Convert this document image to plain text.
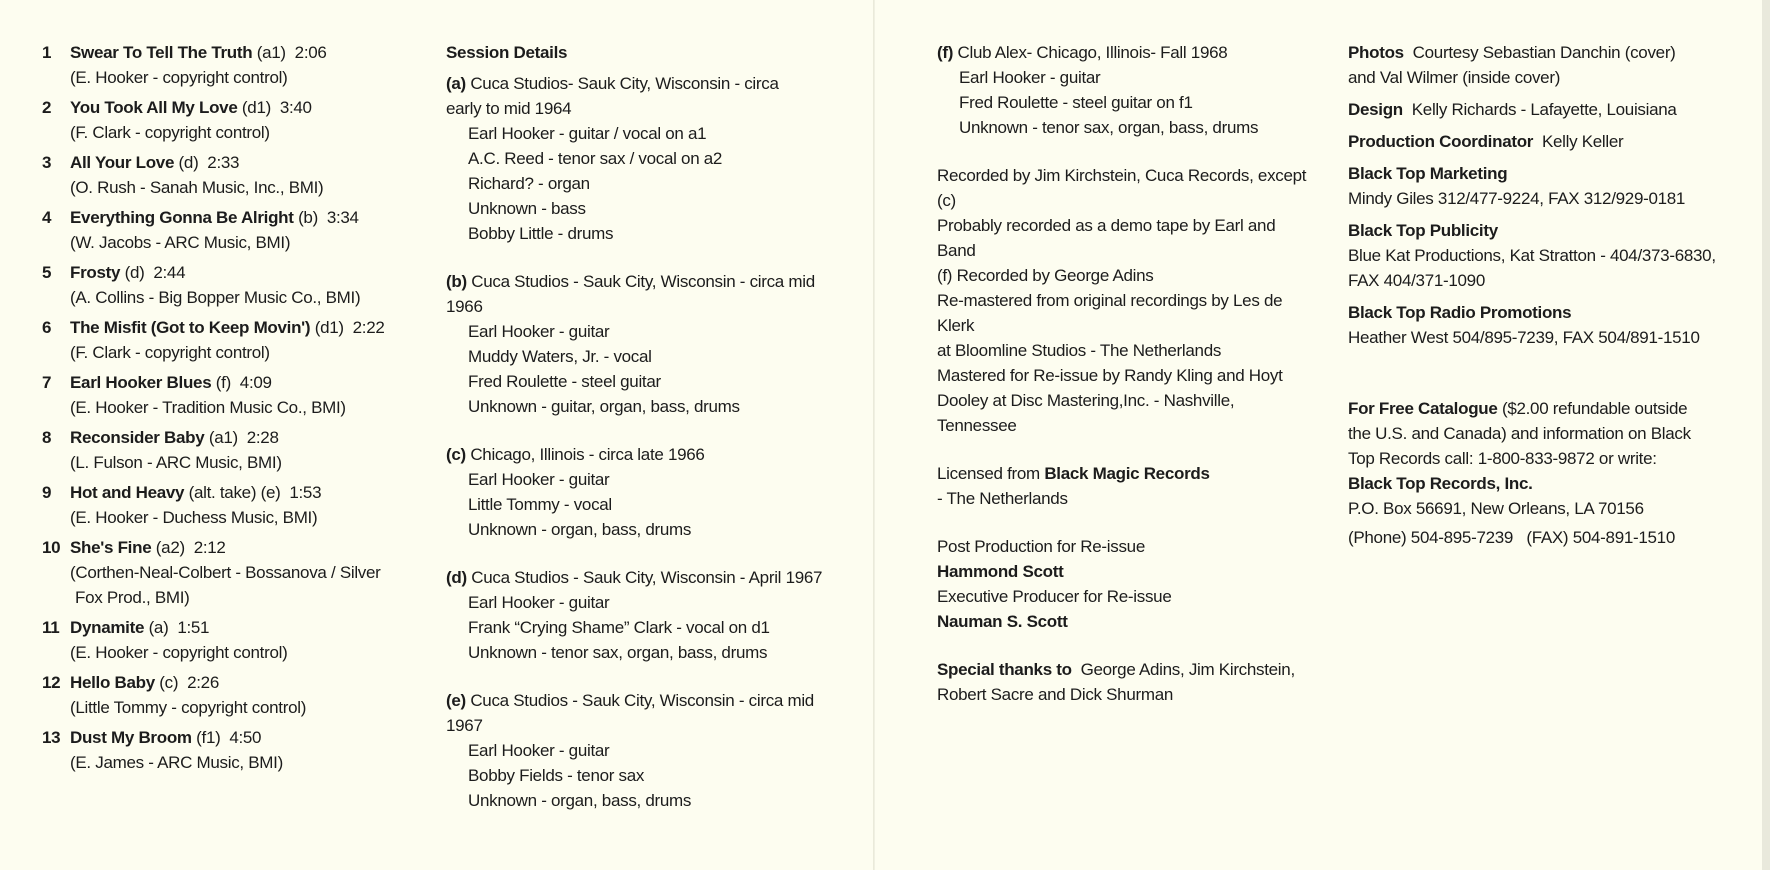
1	Swear To Tell The Truth (a1) 2:06
(E. Hooker - copyright control)
2	You Took All My Love (d1) 3:40
(F. Clark - copyright control)
3	All Your Love (d) 2:33
(O. Rush - Sanah Music, Inc., BMI)
4	Everything Gonna Be Alright (b) 3:34
(W. Jacobs - ARC Music, BMI)
5	Frosty (d) 2:44
(A. Collins - Big Bopper Music Co., BMI)
6	The Misfit (Got to Keep Movin') (d1) 2:22
(F. Clark - copyright control)
7	Earl Hooker Blues (f) 4:09
(E. Hooker - Tradition Music Co., BMI)
8	Reconsider Baby (a1) 2:28
(L. Fulson - ARC Music, BMI)
9	Hot and Heavy (alt. take) (e) 1:53
(E. Hooker - Duchess Music, BMI)
10 She's Fine (a2) 2:12
(Corthen-Neal-Colbert - Bossanova / Silver
Fox Prod., BMI)
11 Dynamite (a) 1:51
(E. Hooker - copyright control)
12 Hello Baby (c) 2:26
(Little Tommy - copyright control)
13 Dust My Broom (f1) 4:50
(E. James - ARC Music, BMI)
Session Details
(a) Cuca Studios- Sauk City, Wisconsin - circa
early to mid 1964
Earl Hooker - guitar / vocal on a1
A.C. Reed - tenor sax / vocal on a2
Richard? - organ
Unknown - bass
Bobby Little - drums
(b) Cuca Studios - Sauk City, Wisconsin - circa mid 1966
Earl Hooker - guitar
Muddy Waters, Jr. - vocal
Fred Roulette - steel guitar
Unknown - guitar, organ, bass, drums
(c) Chicago, Illinois - circa late 1966
Earl Hooker - guitar
Little Tommy - vocal
Unknown - organ, bass, drums
(d) Cuca Studios - Sauk City, Wisconsin - April 1967
Earl Hooker - guitar
Frank “Crying Shame” Clark - vocal on d1
Unknown - tenor sax, organ, bass, drums
(e) Cuca Studios - Sauk City, Wisconsin - circa mid 1967
Earl Hooker - guitar
Bobby Fields - tenor sax
Unknown - organ, bass, drums
(f) Club Alex- Chicago, Illinois- Fall 1968
Earl Hooker - guitar
Fred Roulette - steel guitar on f1
Unknown - tenor sax, organ, bass, drums
Recorded by Jim Kirchstein, Cuca Records, except (c)
Probably recorded as a demo tape by Earl and Band
(f) Recorded by George Adins
Re-mastered from original recordings by Les de Klerk
at Bloomline Studios - The Netherlands
Mastered for Re-issue by Randy Kling and Hoyt
Dooley at Disc Mastering,Inc. - Nashville, Tennessee
Licensed from Black Magic Records
- The Netherlands
Post Production for Re-issue
Hammond Scott
Executive Producer for Re-issue
Nauman S. Scott
Special thanks to George Adins, Jim Kirchstein,
Robert Sacre and Dick Shurman
Photos Courtesy Sebastian Danchin (cover)
and Val Wilmer (inside cover)
Design Kelly Richards - Lafayette, Louisiana
Production Coordinator Kelly Keller
Black Top Marketing
Mindy Giles 312/477-9224, FAX 312/929-0181
Black Top Publicity
Blue Kat Productions, Kat Stratton - 404/373-6830,
FAX 404/371-1090
Black Top Radio Promotions
Heather West 504/895-7239, FAX 504/891-1510
For Free Catalogue ($2.00 refundable outside
the U.S. and Canada) and information on Black
Top Records call: 1-800-833-9872 or write:
Black Top Records, Inc.
P.O. Box 56691, New Orleans, LA 70156
(Phone) 504-895-7239   (FAX) 504-891-1510
